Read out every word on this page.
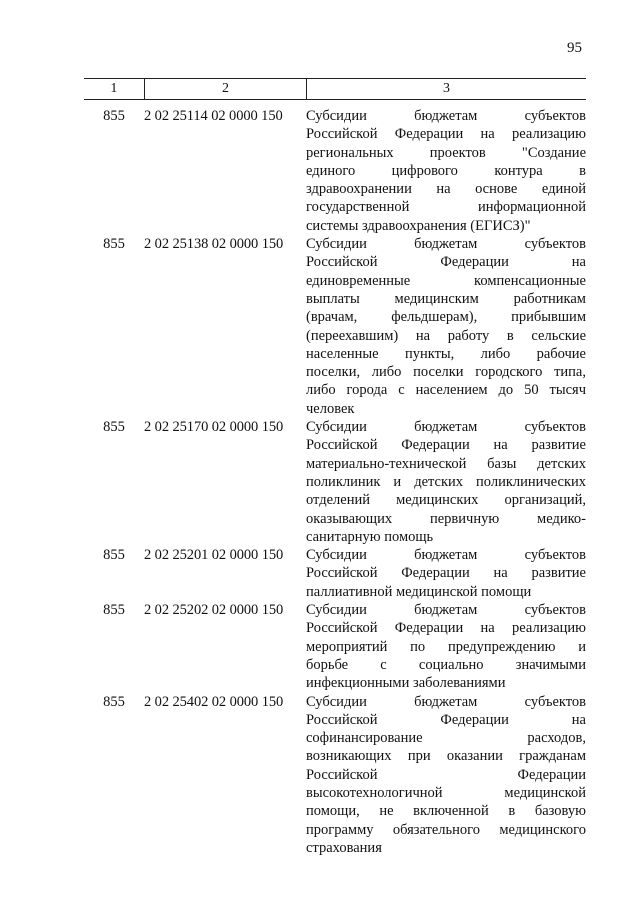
95
1	2	3
855	2 02 25114 02 0000 150	Субсидии бюджетам субъектов
Российской Федерации на реализацию
региональных проектов "Создание
единого цифрового контура в
здравоохранении на основе единой
государственной информационной
системы здравоохранения (ЕГИСЗ)"
855	2 02 25138 02 0000 150	Субсидии бюджетам субъектов
Российской Федерации на
единовременные компенсационные
выплаты медицинским работникам
(врачам, фельдшерам), прибывшим
(переехавшим) на работу в сельские
населенные пункты, либо рабочие
поселки, либо поселки городского типа,
либо города с населением до 50 тысяч
человек
855	2 02 25170 02 0000 150	Субсидии бюджетам субъектов
Российской Федерации на развитие
материально-технической базы детских
поликлиник и детских поликлинических
отделений медицинских организаций,
оказывающих первичную медико-
санитарную помощь
855	2 02 25201 02 0000 150	Субсидии бюджетам субъектов
Российской Федерации на развитие
паллиативной медицинской помощи
855	2 02 25202 02 0000 150	Субсидии бюджетам субъектов
Российской Федерации на реализацию
мероприятий по предупреждению и
борьбе с социально значимыми
инфекционными заболеваниями
855	2 02 25402 02 0000 150	Субсидии бюджетам субъектов
Российской Федерации на
софинансирование расходов,
возникающих при оказании гражданам
Российской Федерации
высокотехнологичной медицинской
помощи, не включенной в базовую
программу обязательного медицинского
страхования
